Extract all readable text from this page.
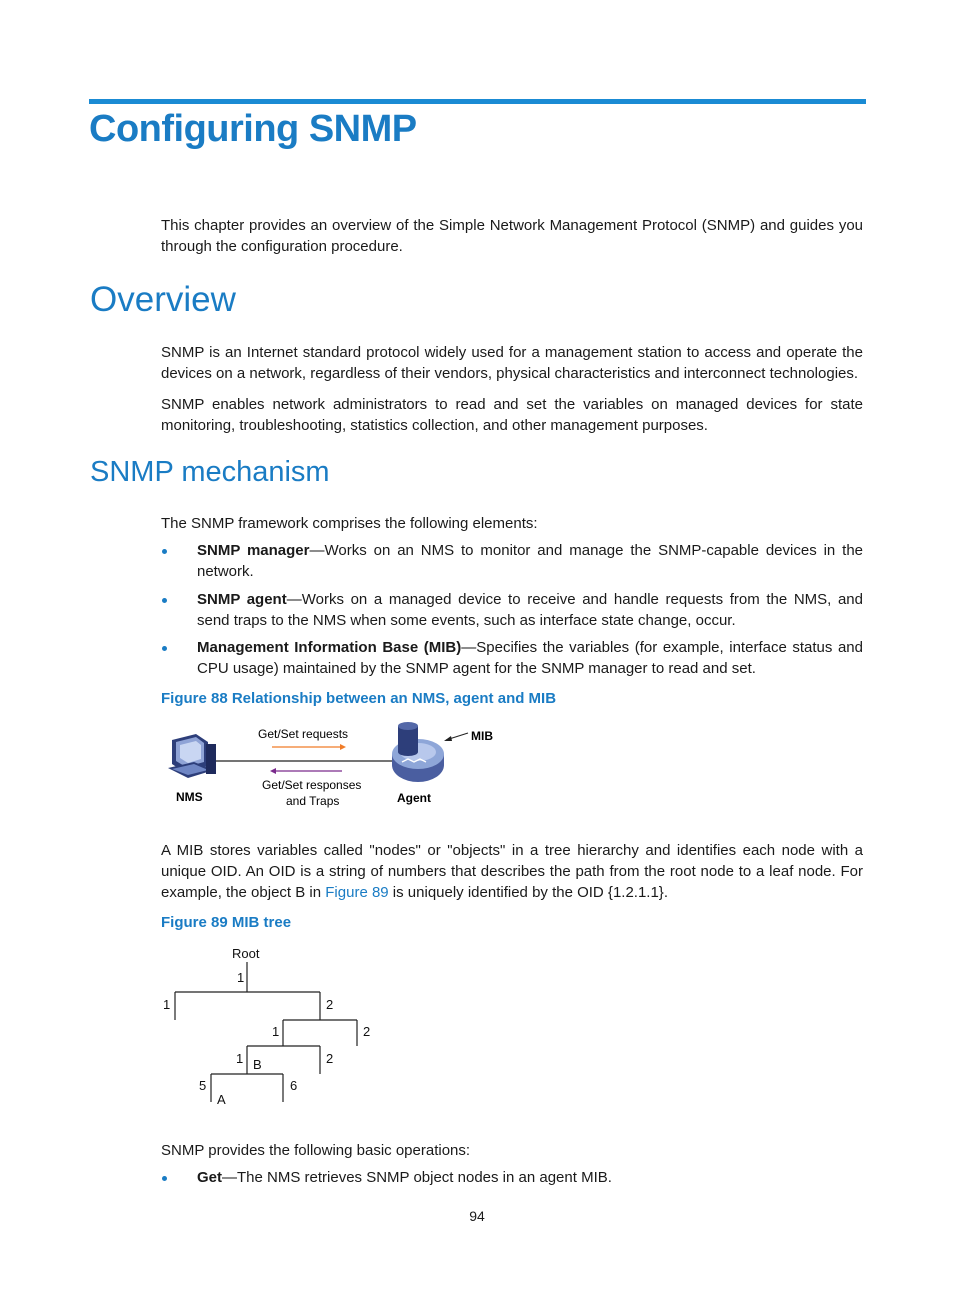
Configuring SNMP

This chapter provides an overview of the Simple Network Management Protocol (SNMP) and guides you through the configuration procedure.

Overview

SNMP is an Internet standard protocol widely used for a management station to access and operate the devices on a network, regardless of their vendors, physical characteristics and interconnect technologies.

SNMP enables network administrators to read and set the variables on managed devices for state monitoring, troubleshooting, statistics collection, and other management purposes.

SNMP mechanism

The SNMP framework comprises the following elements:

SNMP manager—Works on an NMS to monitor and manage the SNMP-capable devices in the network.
SNMP agent—Works on a managed device to receive and handle requests from the NMS, and send traps to the NMS when some events, such as interface state change, occur.
Management Information Base (MIB)—Specifies the variables (for example, interface status and CPU usage) maintained by the SNMP agent for the SNMP manager to read and set.

Figure 88 Relationship between an NMS, agent and MIB

Get/Set requests
Get/Set responses
and Traps
NMS	Agent
MIB

A MIB stores variables called "nodes" or "objects" in a tree hierarchy and identifies each node with a unique OID. An OID is a string of numbers that describes the path from the root node to a leaf node. For example, the object B in Figure 89 is uniquely identified by the OID {1.2.1.1}.

Figure 89 MIB tree

Root
1
1	2
1	2
1 B	2
5
A
6

SNMP provides the following basic operations:

Get—The NMS retrieves SNMP object nodes in an agent MIB.
94
